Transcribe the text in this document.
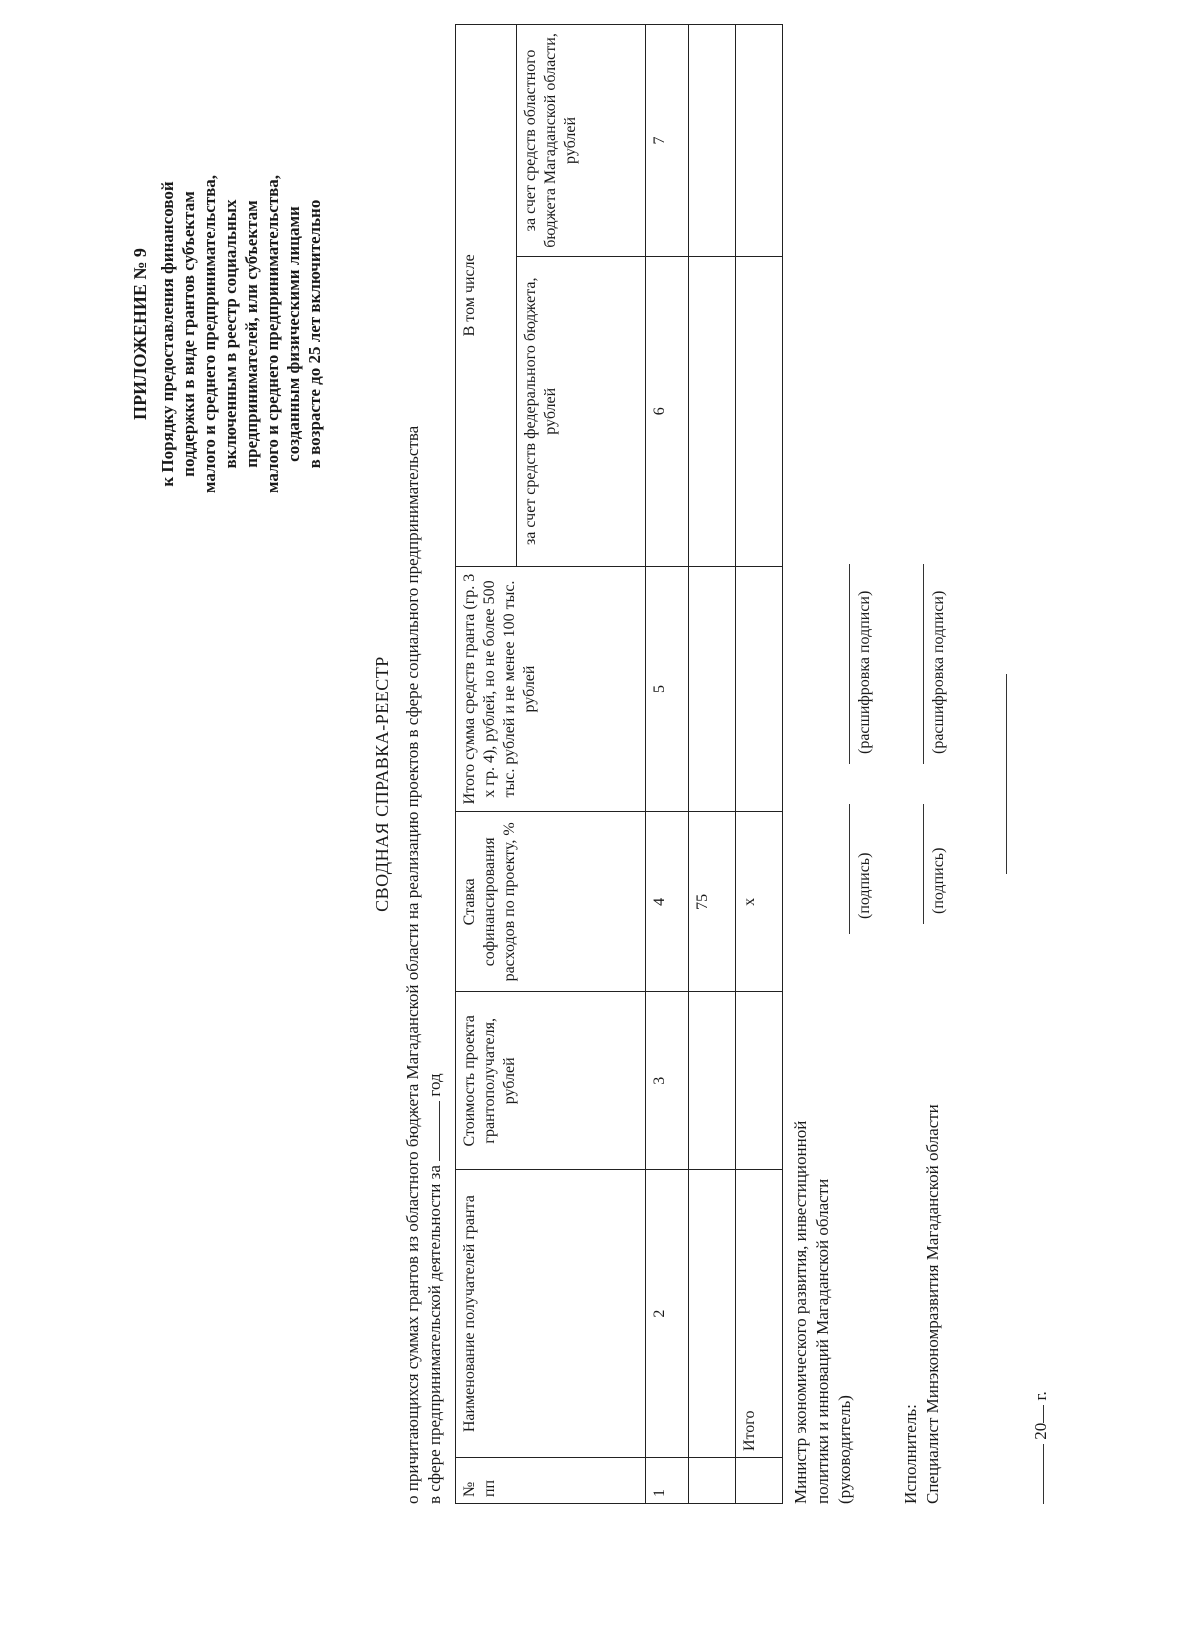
ПРИЛОЖЕНИЕ № 9 к Порядку предоставления финансовой поддержки в виде грантов субъектам малого и среднего предпринимательства, включенным в реестр социальных предпринимателей, или субъектам малого и среднего предпринимательства, созданным физическими лицами в возрасте до 25 лет включительно
СВОДНАЯ СПРАВКА-РЕЕСТР о причитающихся суммах грантов из областного бюджета Магаданской области на реализацию проектов в сфере социального предпринимательства в сфере предпринимательской деятельности за  год
№ пп	Наименование получателей гранта	Стоимость проекта грантополучателя, рублей	Ставка софинансирования расходов по проекту, %	Итого сумма средств гранта (гр. 3 х гр. 4), рублей, но не более 500 тыс. рублей и не менее 100 тыс. рублей	В том числе	
					за счет средств федерального бюджета, рублей	за счет средств областного бюджета Магаданской области, рублей
1	2	3	4	5	6	7
			75			
	Итого		х			
Министр экономического развития, инвестиционной политики и инноваций Магаданской области (руководитель)
(подпись)
(расшифровка подписи)
Исполнитель: Специалист Минэкономразвития Магаданской области
(подпись)
(расшифровка подписи)
20 г.
